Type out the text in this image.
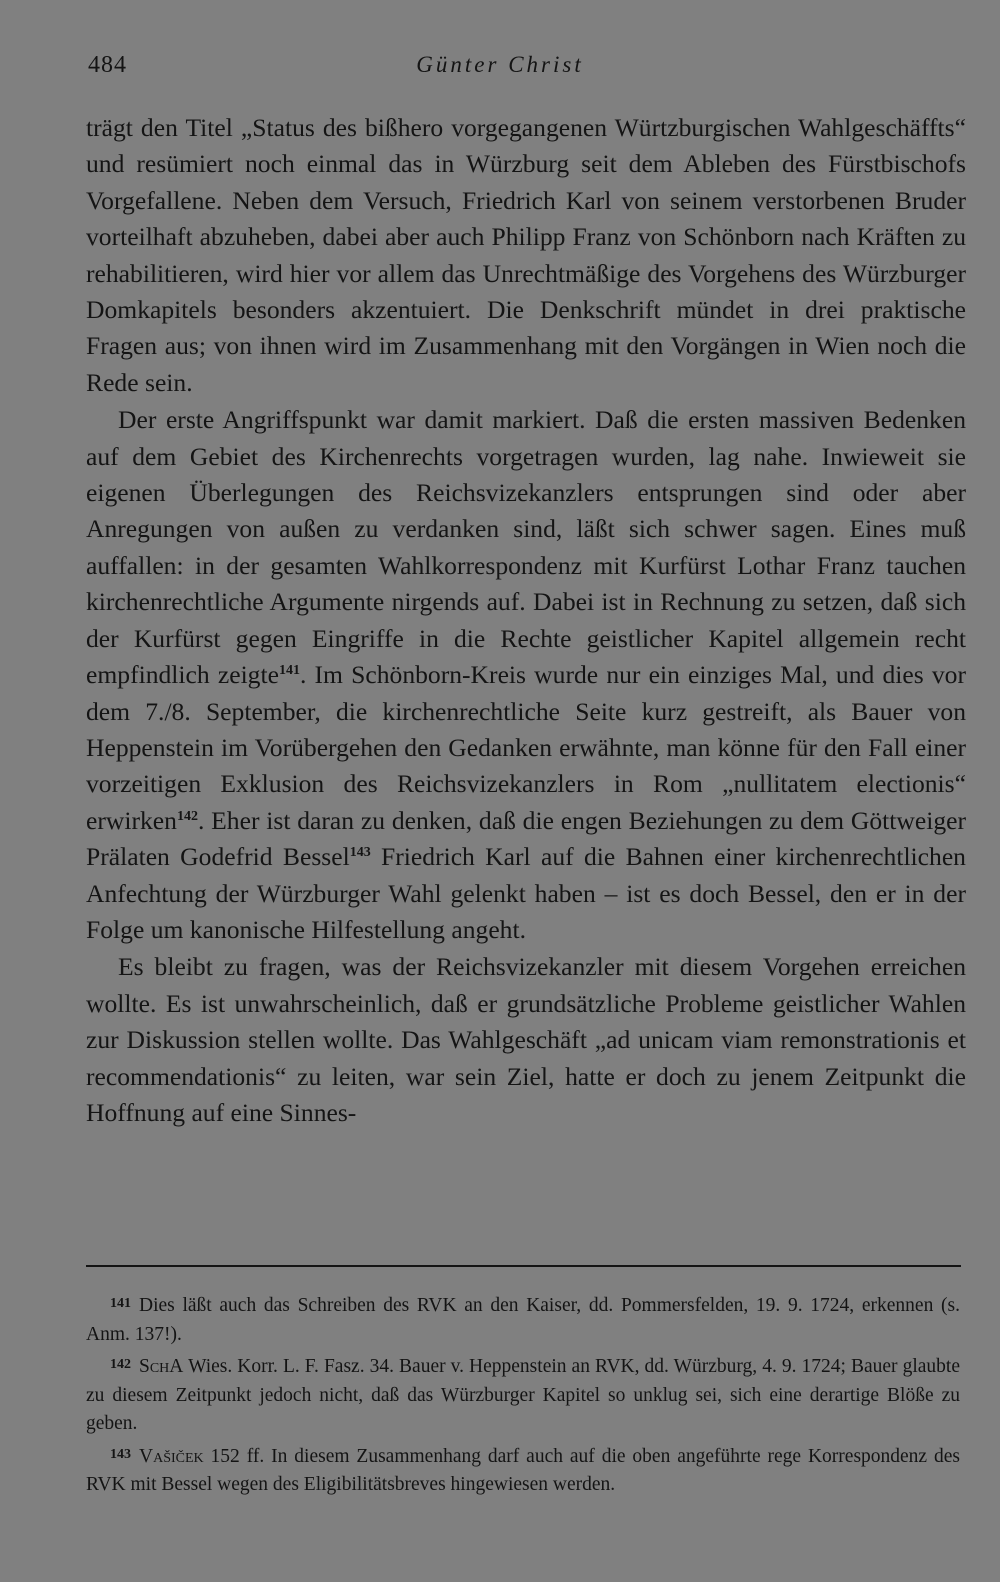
484	Günter Christ

trägt den Titel „Status des bißhero vorgegangenen Würtzburgischen Wahlgeschäffts“ und resümiert noch einmal das in Würzburg seit dem Ableben des Fürstbischofs Vorgefallene. Neben dem Versuch, Friedrich Karl von seinem verstorbenen Bruder vorteilhaft abzuheben, dabei aber auch Philipp Franz von Schönborn nach Kräften zu rehabilitieren, wird hier vor allem das Unrechtmäßige des Vorgehens des Würzburger Domkapitels besonders akzentuiert. Die Denkschrift mündet in drei praktische Fragen aus; von ihnen wird im Zusammenhang mit den Vorgängen in Wien noch die Rede sein.

Der erste Angriffspunkt war damit markiert. Daß die ersten massiven Bedenken auf dem Gebiet des Kirchenrechts vorgetragen wurden, lag nahe. Inwieweit sie eigenen Überlegungen des Reichsvizekanzlers entsprungen sind oder aber Anregungen von außen zu verdanken sind, läßt sich schwer sagen. Eines muß auffallen: in der gesamten Wahlkorrespondenz mit Kurfürst Lothar Franz tauchen kirchenrechtliche Argumente nirgends auf. Dabei ist in Rechnung zu setzen, daß sich der Kurfürst gegen Eingriffe in die Rechte geistlicher Kapitel allgemein recht empfindlich zeigte$^{141}$. Im Schönborn-Kreis wurde nur ein einziges Mal, und dies vor dem 7./8. September, die kirchenrechtliche Seite kurz gestreift, als Bauer von Heppenstein im Vorübergehen den Gedanken erwähnte, man könne für den Fall einer vorzeitigen Exklusion des Reichsvizekanzlers in Rom „nullitatem electionis“ erwirken$^{142}$. Eher ist daran zu denken, daß die engen Beziehungen zu dem Göttweiger Prälaten Godefrid Bessel$^{143}$ Friedrich Karl auf die Bahnen einer kirchenrechtlichen Anfechtung der Würzburger Wahl gelenkt haben – ist es doch Bessel, den er in der Folge um kanonische Hilfestellung angeht.

Es bleibt zu fragen, was der Reichsvizekanzler mit diesem Vorgehen erreichen wollte. Es ist unwahrscheinlich, daß er grundsätzliche Probleme geistlicher Wahlen zur Diskussion stellen wollte. Das Wahlgeschäft „ad unicam viam remonstrationis et recommendationis“ zu leiten, war sein Ziel, hatte er doch zu jenem Zeitpunkt die Hoffnung auf eine Sinnes-

$^{141}$ Dies läßt auch das Schreiben des RVK an den Kaiser, dd. Pommersfelden, 19. 9. 1724, erkennen (s. Anm. 137!).

$^{142}$ SchA Wies. Korr. L. F. Fasz. 34. Bauer v. Heppenstein an RVK, dd. Würzburg, 4. 9. 1724; Bauer glaubte zu diesem Zeitpunkt jedoch nicht, daß das Würzburger Kapitel so unklug sei, sich eine derartige Blöße zu geben.

$^{143}$ Vašiček 152 ff. In diesem Zusammenhang darf auch auf die oben angeführte rege Korrespondenz des RVK mit Bessel wegen des Eligibilitätsbreves hingewiesen werden.
